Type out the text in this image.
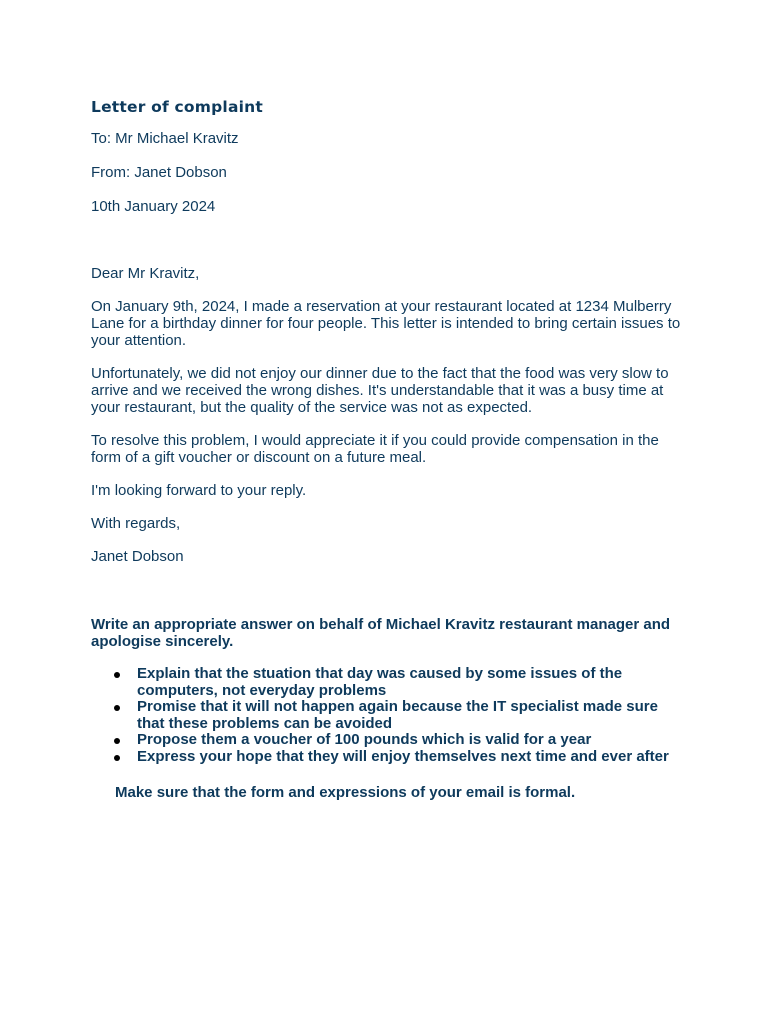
Letter of complaint

To: Mr Michael Kravitz

From: Janet Dobson

10th January 2024

Dear Mr Kravitz,

On January 9th, 2024, I made a reservation at your restaurant located at 1234 Mulberry Lane for a birthday dinner for four people. This letter is intended to bring certain issues to your attention.

Unfortunately, we did not enjoy our dinner due to the fact that the food was very slow to arrive and we received the wrong dishes. It's understandable that it was a busy time at your restaurant, but the quality of the service was not as expected.

To resolve this problem, I would appreciate it if you could provide compensation in the form of a gift voucher or discount on a future meal.

I'm looking forward to your reply.

With regards,

Janet Dobson

Write an appropriate answer on behalf of Michael Kravitz restaurant manager and apologise sincerely.

Explain that the stuation that day was caused by some issues of the computers, not everyday problems
Promise that it will not happen again because the IT specialist made sure that these problems can be avoided
Propose them a voucher of 100 pounds which is valid for a year
Express your hope that they will enjoy themselves next time and ever after

Make sure that the form and expressions of your email is formal.
